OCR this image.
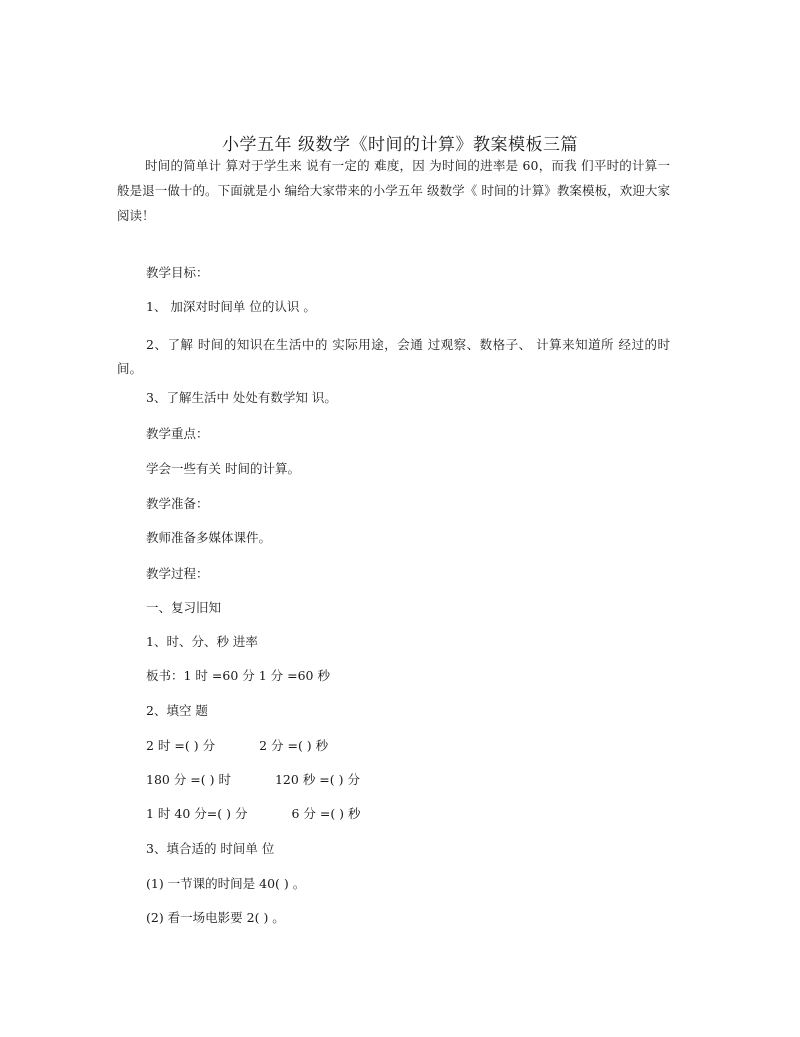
小学五年 级数学《时间的计算》教案模板三篇
时间的简单计 算对于学生来 说有一定的 难度，因 为时间的进率是 60，而我 们平时的计算一般是退一做十的。下面就是小 编给大家带来的小学五年 级数学《 时间的计算》教案模板，欢迎大家 阅读！
教学目标：
1、 加深对时间单 位的认识 。
2、了解 时间的知识在生活中的 实际用途，会通 过观察、数格子、 计算来知道所 经过的时间。
3、了解生活中 处处有数学知 识。
教学重点：
学会一些有关 时间的计算。
教学准备：
教师准备多媒体课件。
教学过程：
一、复习旧知
1、时、分、秒 进率
板书：1 时 =60 分 1 分 =60 秒
2、填空 题
2 时 =( ) 分	2 分 =( ) 秒
180 分 =( ) 时	120 秒 =( ) 分
1 时 40 分=( ) 分	6 分 =( ) 秒
3、填合适的 时间单 位
(1) 一节课的时间是 40( ) 。
(2) 看一场电影要 2( ) 。
